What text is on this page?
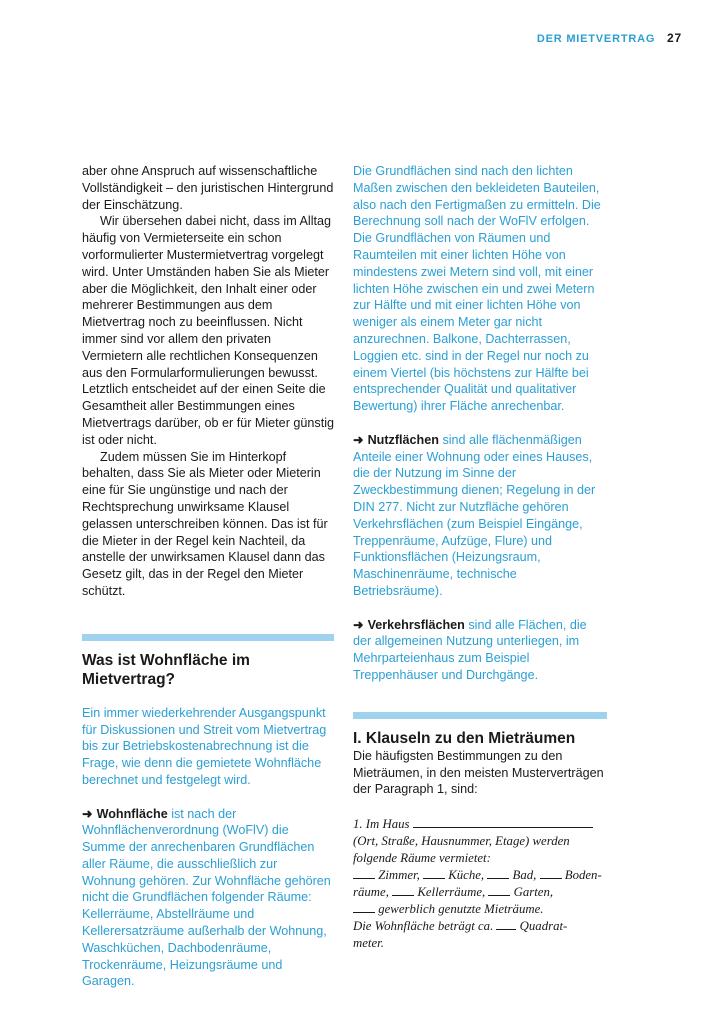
DER MIETVERTRAG 27

aber ohne Anspruch auf wissenschaftliche Vollständigkeit – den juristischen Hintergrund der Einschätzung.

Wir übersehen dabei nicht, dass im Alltag häufig von Vermieterseite ein schon vorformulierter Mustermietvertrag vorgelegt wird. Unter Umständen haben Sie als Mieter aber die Möglichkeit, den Inhalt einer oder mehrerer Bestimmungen aus dem Mietvertrag noch zu beeinflussen. Nicht immer sind vor allem den privaten Vermietern alle rechtlichen Konsequenzen aus den Formularformulierungen bewusst. Letztlich entscheidet auf der einen Seite die Gesamtheit aller Bestimmungen eines Mietvertrags darüber, ob er für Mieter günstig ist oder nicht.

Zudem müssen Sie im Hinterkopf behalten, dass Sie als Mieter oder Mieterin eine für Sie ungünstige und nach der Rechtsprechung unwirksame Klausel gelassen unterschreiben können. Das ist für die Mieter in der Regel kein Nachteil, da anstelle der unwirksamen Klausel dann das Gesetz gilt, das in der Regel den Mieter schützt.

Was ist Wohnfläche im Mietvertrag?

Ein immer wiederkehrender Ausgangspunkt für Diskussionen und Streit vom Mietvertrag bis zur Betriebskostenabrechnung ist die Frage, wie denn die gemietete Wohnfläche berechnet und festgelegt wird.

➜ Wohnfläche ist nach der Wohnflächenverordnung (WoFlV) die Summe der anrechenbaren Grundflächen aller Räume, die ausschließlich zur Wohnung gehören. Zur Wohnfläche gehören nicht die Grundflächen folgender Räume: Kellerräume, Abstellräume und Kellerersatzräume außerhalb der Wohnung, Waschküchen, Dachbodenräume, Trockenräume, Heizungsräume und Garagen.

Die Grundflächen sind nach den lichten Maßen zwischen den bekleideten Bauteilen, also nach den Fertigmaßen zu ermitteln. Die Berechnung soll nach der WoFlV erfolgen. Die Grundflächen von Räumen und Raumteilen mit einer lichten Höhe von mindestens zwei Metern sind voll, mit einer lichten Höhe zwischen ein und zwei Metern zur Hälfte und mit einer lichten Höhe von weniger als einem Meter gar nicht anzurechnen. Balkone, Dachterrassen, Loggien etc. sind in der Regel nur noch zu einem Viertel (bis höchstens zur Hälfte bei entsprechender Qualität und qualitativer Bewertung) ihrer Fläche anrechenbar.

➜ Nutzflächen sind alle flächenmäßigen Anteile einer Wohnung oder eines Hauses, die der Nutzung im Sinne der Zweckbestimmung dienen; Regelung in der DIN 277. Nicht zur Nutzfläche gehören Verkehrsflächen (zum Beispiel Eingänge, Treppenräume, Aufzüge, Flure) und Funktionsflächen (Heizungsraum, Maschinenräume, technische Betriebsräume).

➜ Verkehrsflächen sind alle Flächen, die der allgemeinen Nutzung unterliegen, im Mehrparteienhaus zum Beispiel Treppenhäuser und Durchgänge.

I. Klauseln zu den Mieträumen

Die häufigsten Bestimmungen zu den Mieträumen, in den meisten Musterverträgen der Paragraph 1, sind:

1. Im Haus
(Ort, Straße, Hausnummer, Etage) werden
folgende Räume vermietet:
Zimmer, Küche, Bad, Boden-
räume, Kellerräume, Garten,
gewerblich genutzte Mieträume.
Die Wohnfläche beträgt ca. Quadrat-
meter.
